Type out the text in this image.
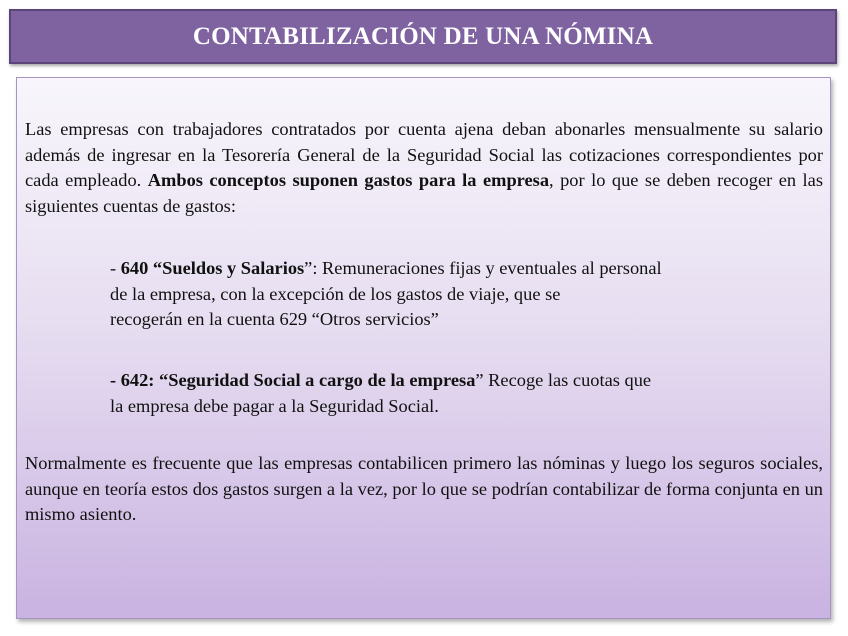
CONTABILIZACIÓN DE UNA NÓMINA

Las empresas con trabajadores contratados por cuenta ajena deban abonarles mensualmente su salario además de ingresar en la Tesorería General de la Seguridad Social las cotizaciones correspondientes por cada empleado. Ambos conceptos suponen gastos para la empresa, por lo que se deben recoger en las siguientes cuentas de gastos:

- 640 “Sueldos y Salarios”: Remuneraciones fijas y eventuales al personal
de la empresa, con la excepción de los gastos de viaje, que se
recogerán en la cuenta 629 “Otros servicios”
- 642: “Seguridad Social a cargo de la empresa” Recoge las cuotas que
la empresa debe pagar a la Seguridad Social.

Normalmente es frecuente que las empresas contabilicen primero las nóminas y luego los seguros sociales, aunque en teoría estos dos gastos surgen a la vez, por lo que se podrían contabilizar de forma conjunta en un mismo asiento.
